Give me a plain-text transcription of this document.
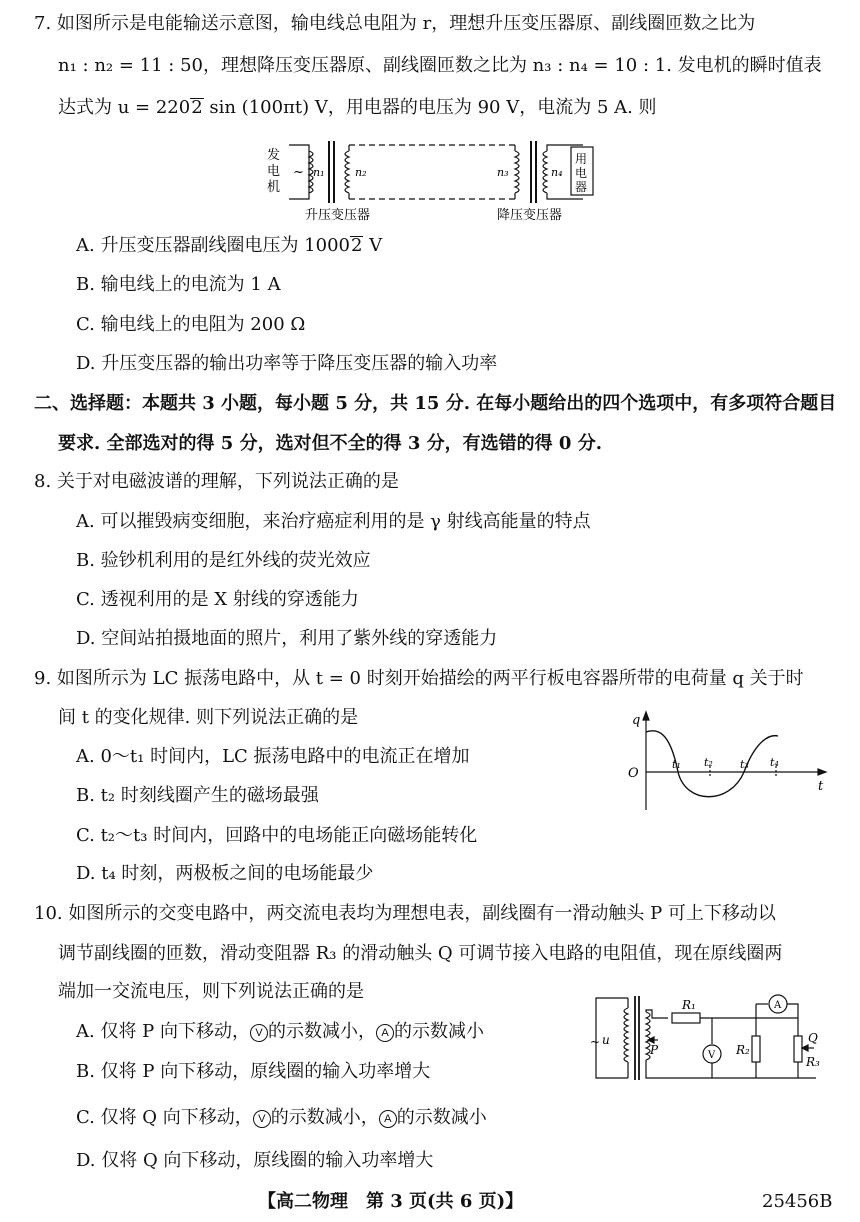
7. 如图所示是电能输送示意图，输电线总电阻为 r，理想升压变压器原、副线圈匝数之比为
n₁ : n₂ = 11 : 50，理想降压变压器原、副线圈匝数之比为 n₃ : n₄ = 10 : 1. 发电机的瞬时值表
达式为 u = 2202 sin (100πt) V，用电器的电压为 90 V，电流为 5 A. 则
发
电
机
~ n₁	n₂	n₃	n₄
用
电
器
升压变压器	降压变压器
A. 升压变压器副线圈电压为 10002 V
B. 输电线上的电流为 1 A
C. 输电线上的电阻为 200 Ω
D. 升压变压器的输出功率等于降压变压器的输入功率
二、选择题：本题共 3 小题，每小题 5 分，共 15 分. 在每小题给出的四个选项中，有多项符合题目
要求. 全部选对的得 5 分，选对但不全的得 3 分，有选错的得 0 分.
8. 关于对电磁波谱的理解，下列说法正确的是
A. 可以摧毁病变细胞，来治疗癌症利用的是 γ 射线高能量的特点
B. 验钞机利用的是红外线的荧光效应
C. 透视利用的是 X 射线的穿透能力
D. 空间站拍摄地面的照片，利用了紫外线的穿透能力
9. 如图所示为 LC 振荡电路中，从 t = 0 时刻开始描绘的两平行板电容器所带的电荷量 q 关于时
间 t 的变化规律. 则下列说法正确的是
A. 0～t₁ 时间内，LC 振荡电路中的电流正在增加
B. t₂ 时刻线圈产生的磁场最强
C. t₂～t₃ 时间内，回路中的电场能正向磁场能转化
D. t₄ 时刻，两极板之间的电场能最少
q
O
t
t₁ t₂ t₃ t₄
10. 如图所示的交变电路中，两交流电表均为理想电表，副线圈有一滑动触头 P 可上下移动以
调节副线圈的匝数，滑动变阻器 R₃ 的滑动触头 Q 可调节接入电路的电阻值，现在原线圈两
端加一交流电压，则下列说法正确的是
A. 仅将 P 向下移动， V 的示数减小， A 的示数减小
B. 仅将 P 向下移动，原线圈的输入功率增大
C. 仅将 Q 向下移动， V 的示数减小， A 的示数减小
D. 仅将 Q 向下移动，原线圈的输入功率增大
~ u
P
R₁
V R₂
A
Q
R₃
【高二物理　第 3 页(共 6 页)】	25456B
